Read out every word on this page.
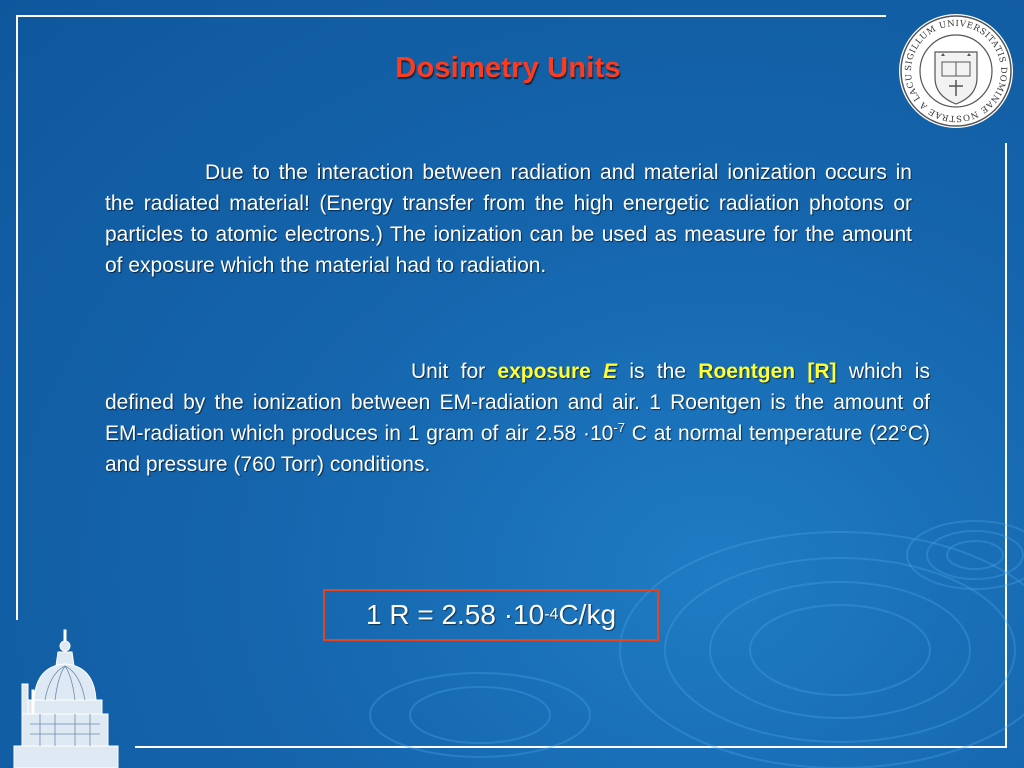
SIGILLUM UNIVERSITATIS DOMINAE NOSTRAE A LACU
Dosimetry Units
Due to the interaction between radiation and material ionization occurs in the radiated material! (Energy transfer from the high energetic radiation photons or particles to atomic electrons.) The ionization can be used as measure for the amount of exposure which the material had to radiation.
Unit for exposure E is the Roentgen [R] which is defined by the ionization between EM-radiation and air. 1 Roentgen is the amount of EM-radiation which produces in 1 gram of air $2.58 \cdot 10^{-7}$ C at normal temperature (22°C) and pressure (760 Torr) conditions.
1 R = 2.58 ·10 -4 C/kg
